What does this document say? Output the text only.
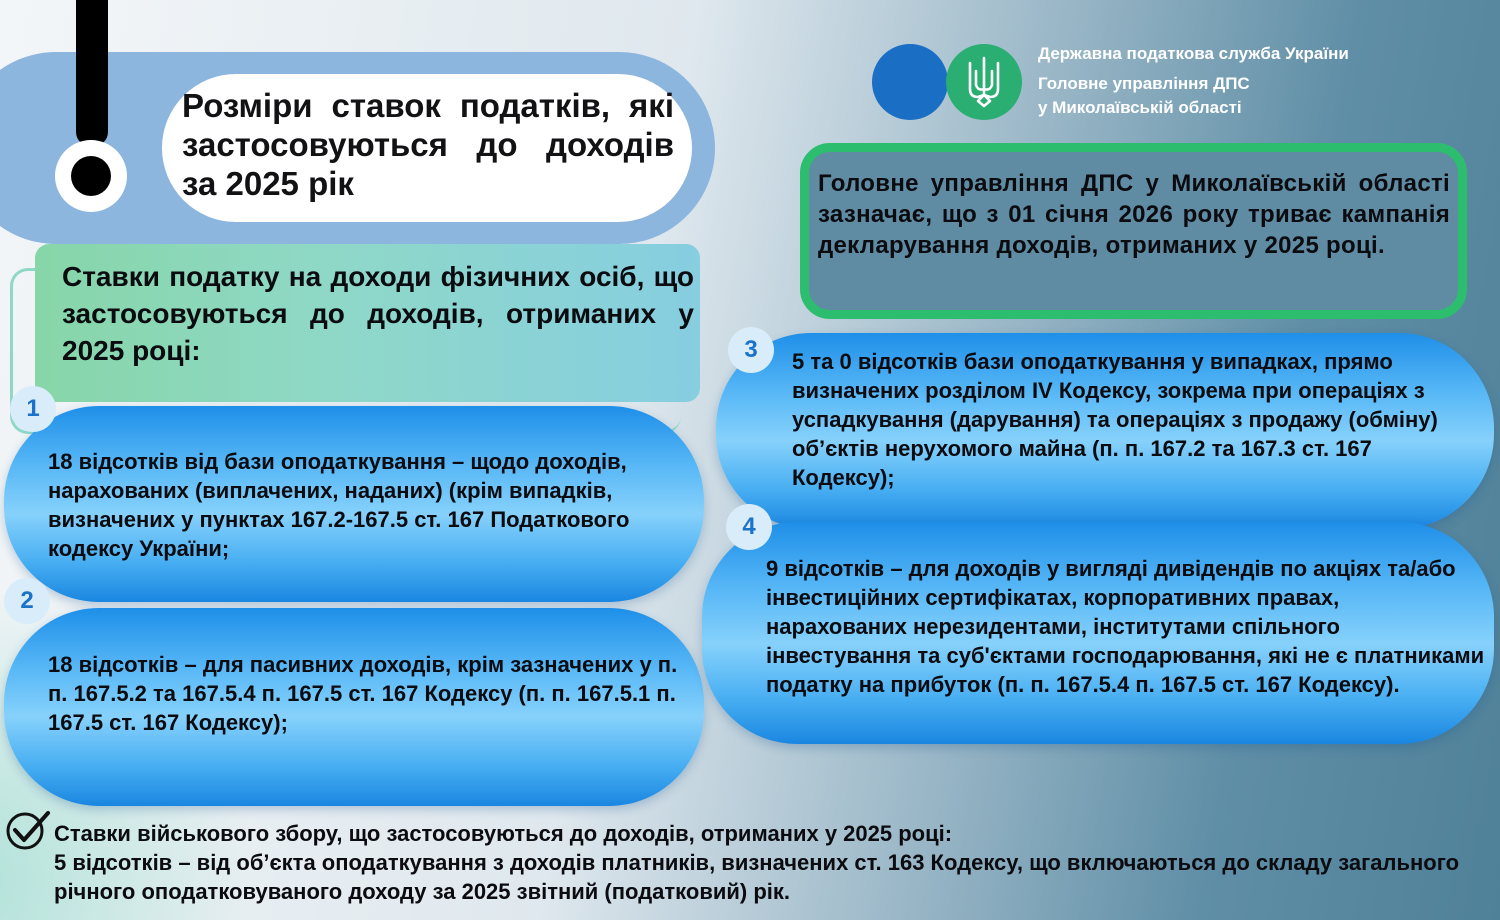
Розміри ставок податків, які застосовуються до доходів за 2025 рік
Державна податкова служба України
Головне управління ДПС
у Миколаївській області
Головне управління ДПС у Миколаївській області зазначає, що з 01 січня 2026 року триває кампанія декларування доходів, отриманих у 2025 році.
Ставки податку на доходи фізичних осіб, що застосовуються до доходів, отриманих у 2025 році:
18 відсотків від бази оподаткування – щодо доходів, нарахованих (виплачених, наданих) (крім випадків, визначених у пунктах 167.2-167.5 ст. 167 Податкового кодексу України;
1
18 відсотків – для пасивних доходів, крім зазначених у п. п. 167.5.2 та 167.5.4 п. 167.5 ст. 167 Кодексу (п. п. 167.5.1 п. 167.5 ст. 167 Кодексу);
2
5 та 0 відсотків бази оподаткування у випадках, прямо визначених розділом IV Кодексу, зокрема при операціях з успадкування (дарування) та операціях з продажу (обміну) об’єктів нерухомого майна (п. п. 167.2 та 167.3 ст. 167 Кодексу);
3
9 відсотків – для доходів у вигляді дивідендів по акціях та/або інвестиційних сертифікатах, корпоративних правах, нарахованих нерезидентами, інститутами спільного інвестування та суб'єктами господарювання, які не є платниками податку на прибуток (п. п. 167.5.4 п. 167.5 ст. 167 Кодексу).
4
Ставки військового збору, що застосовуються до доходів, отриманих у 2025 році:
5 відсотків – від об’єкта оподаткування з доходів платників, визначених ст. 163 Кодексу, що включаються до складу загального річного оподатковуваного доходу за 2025 звітний (податковий) рік.
